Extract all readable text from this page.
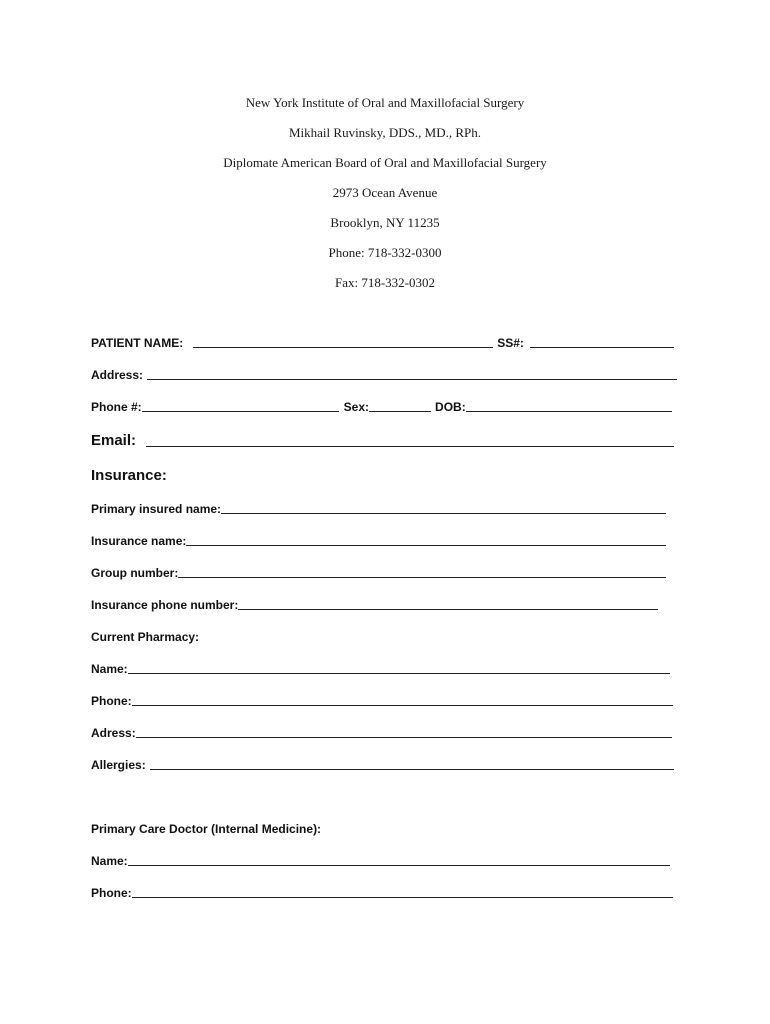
New York Institute of Oral and Maxillofacial Surgery
Mikhail Ruvinsky, DDS., MD., RPh.
Diplomate American Board of Oral and Maxillofacial Surgery
2973 Ocean Avenue
Brooklyn, NY 11235
Phone: 718-332-0300
Fax: 718-332-0302
PATIENT NAME:	SS#:
Address:
Phone #:	Sex:	DOB:
Email:
Insurance:
Primary insured name:
Insurance name:
Group number:
Insurance phone number:
Current Pharmacy:
Name:
Phone:
Adress:
Allergies:
Primary Care Doctor (Internal Medicine):
Name:
Phone:
